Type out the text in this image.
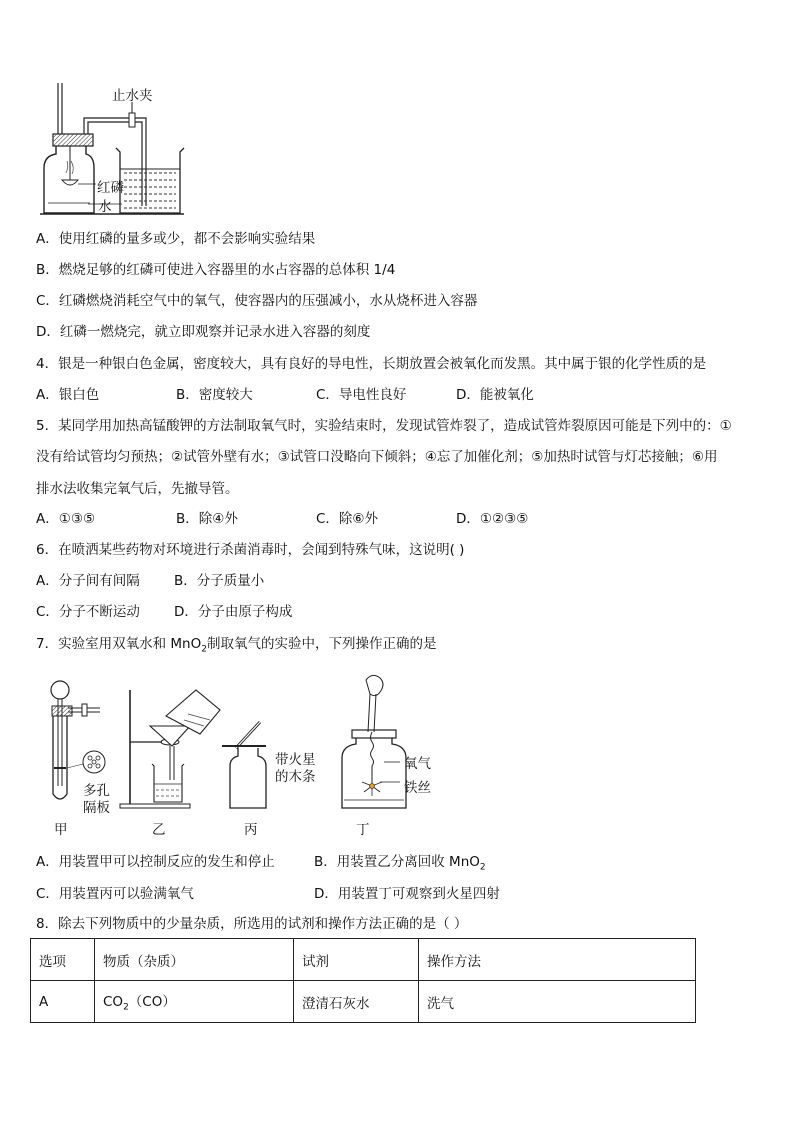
止水夹
红磷
水
A．使用红磷的量多或少，都不会影响实验结果
B．燃烧足够的红磷可使进入容器里的水占容器的总体积 1/4
C．红磷燃烧消耗空气中的氧气，使容器内的压强减小，水从烧杯进入容器
D．红磷一燃烧完，就立即观察并记录水进入容器的刻度
4．银是一种银白色金属，密度较大，具有良好的导电性，长期放置会被氧化而发黑。其中属于银的化学性质的是
A．银白色	B．密度较大	C．导电性良好	D．能被氧化
5．某同学用加热高锰酸钾的方法制取氧气时，实验结束时，发现试管炸裂了，造成试管炸裂原因可能是下列中的：①
没有给试管均匀预热；②试管外壁有水；③试管口没略向下倾斜；④忘了加催化剂；⑤加热时试管与灯芯接触；⑥用
排水法收集完氧气后，先撤导管。
A．①③⑤	B．除④外	C．除⑥外	D．①②③⑤
6．在喷洒某些药物对环境进行杀菌消毒时，会闻到特殊气味，这说明( )
A．分子间有间隔	B．分子质量小
C．分子不断运动	D．分子由原子构成
7．实验室用双氧水和 MnO$_2$制取氧气的实验中，下列操作正确的是
多孔
隔板
带火星
的木条
氧气
铁丝
甲	乙	丙	丁
A．用装置甲可以控制反应的发生和停止	B．用装置乙分离回收 MnO$_2$
C．用装置丙可以验满氧气	D．用装置丁可观察到火星四射
8．除去下列物质中的少量杂质，所选用的试剂和操作方法正确的是（ ）
选项	物质（杂质）	试剂	操作方法
A	$CO_2(CO)$	澄清石灰水	洗气
